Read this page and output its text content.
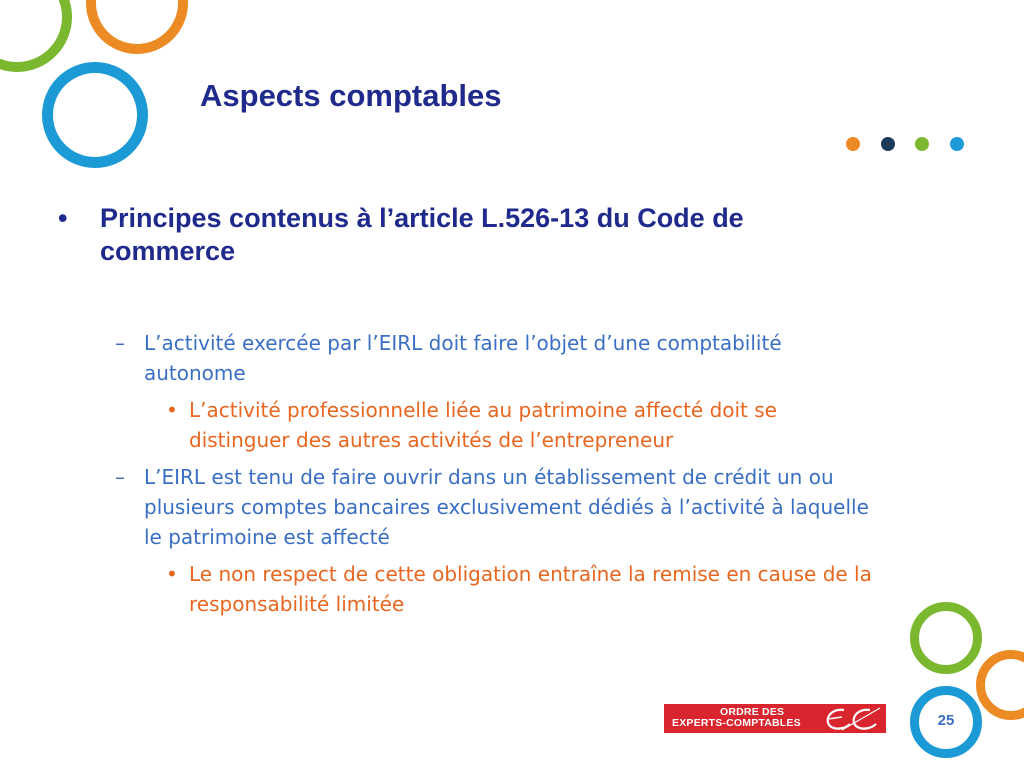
Aspects comptables
• Principes contenus à l’article L.526-13 du Code de commerce
– L’activité exercée par l’EIRL doit faire l’objet d’une comptabilité autonome
• L’activité professionnelle liée au patrimoine affecté doit se distinguer des autres activités de l’entrepreneur
– L’EIRL est tenu de faire ouvrir dans un établissement de crédit un ou plusieurs comptes bancaires exclusivement dédiés à l’activité à laquelle le patrimoine est affecté
• Le non respect de cette obligation entraîne la remise en cause de la responsabilité limitée
ORDRE DES
EXPERTS-COMPTABLES	25
